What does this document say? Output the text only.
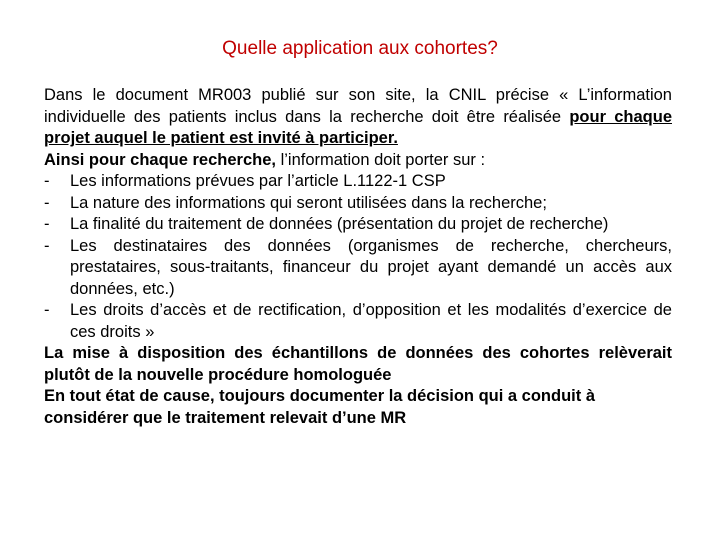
Quelle application aux cohortes?

Dans le document MR003 publié sur son site, la CNIL précise « L’information individuelle des patients inclus dans la recherche doit être réalisée pour chaque projet auquel le patient est invité à participer.

Ainsi pour chaque recherche, l’information doit porter sur :

- Les informations prévues par l’article L.1122-1 CSP
- La nature des informations qui seront utilisées dans la recherche;
- La finalité du traitement de données (présentation du projet de recherche)
- Les destinataires des données (organismes de recherche, chercheurs, prestataires, sous-traitants, financeur du projet ayant demandé un accès aux données, etc.)
- Les droits d’accès et de rectification, d’opposition et les modalités d’exercice de ces droits »

La mise à disposition des échantillons de données des cohortes relèverait plutôt de la nouvelle procédure homologuée

En tout état de cause, toujours documenter la décision qui a conduit à considérer que le traitement relevait d’une MR
